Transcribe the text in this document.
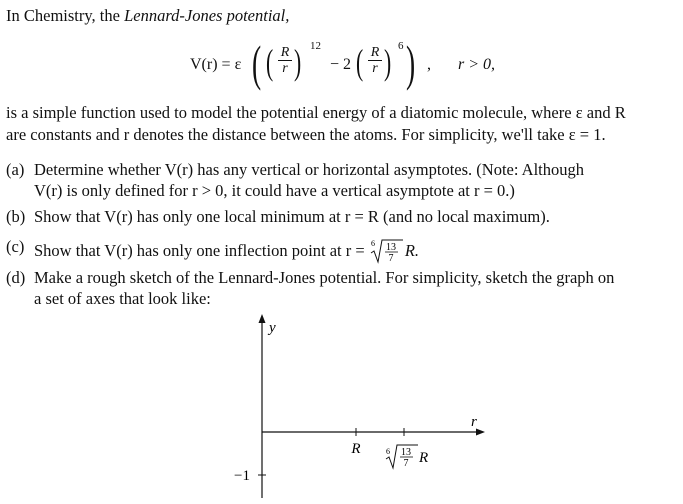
In Chemistry, the Lennard-Jones potential,
V(r) = ε ( ( $\frac{R}{r}$ ) 12
− 2 ( $\frac{R}{r}$ ) 6 ) , r > 0,
is a simple function used to model the potential energy of a diatomic molecule, where ε and R
are constants and r denotes the distance between the atoms. For simplicity, we'll take ε = 1.
(a) Determine whether V(r) has any vertical or horizontal asymptotes. (Note: Although
V(r) is only defined for r > 0, it could have a vertical asymptote at r = 0.)
(b) Show that V(r) has only one local minimum at r = R (and no local maximum).
(c) Show that V(r) has only one inflection point at r = 6 13
7 R.
(d) Make a rough sketch of the Lennard-Jones potential. For simplicity, sketch the graph on
a set of axes that look like:
y
r
R	6 13
7 R
−1
